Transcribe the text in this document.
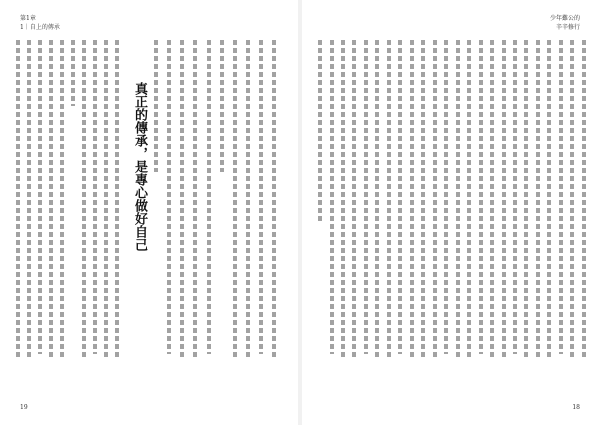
第1章
1｜自上的傳承
真正的傳承，是專心做好自己
19
少年難公的
辛辛修行
18
